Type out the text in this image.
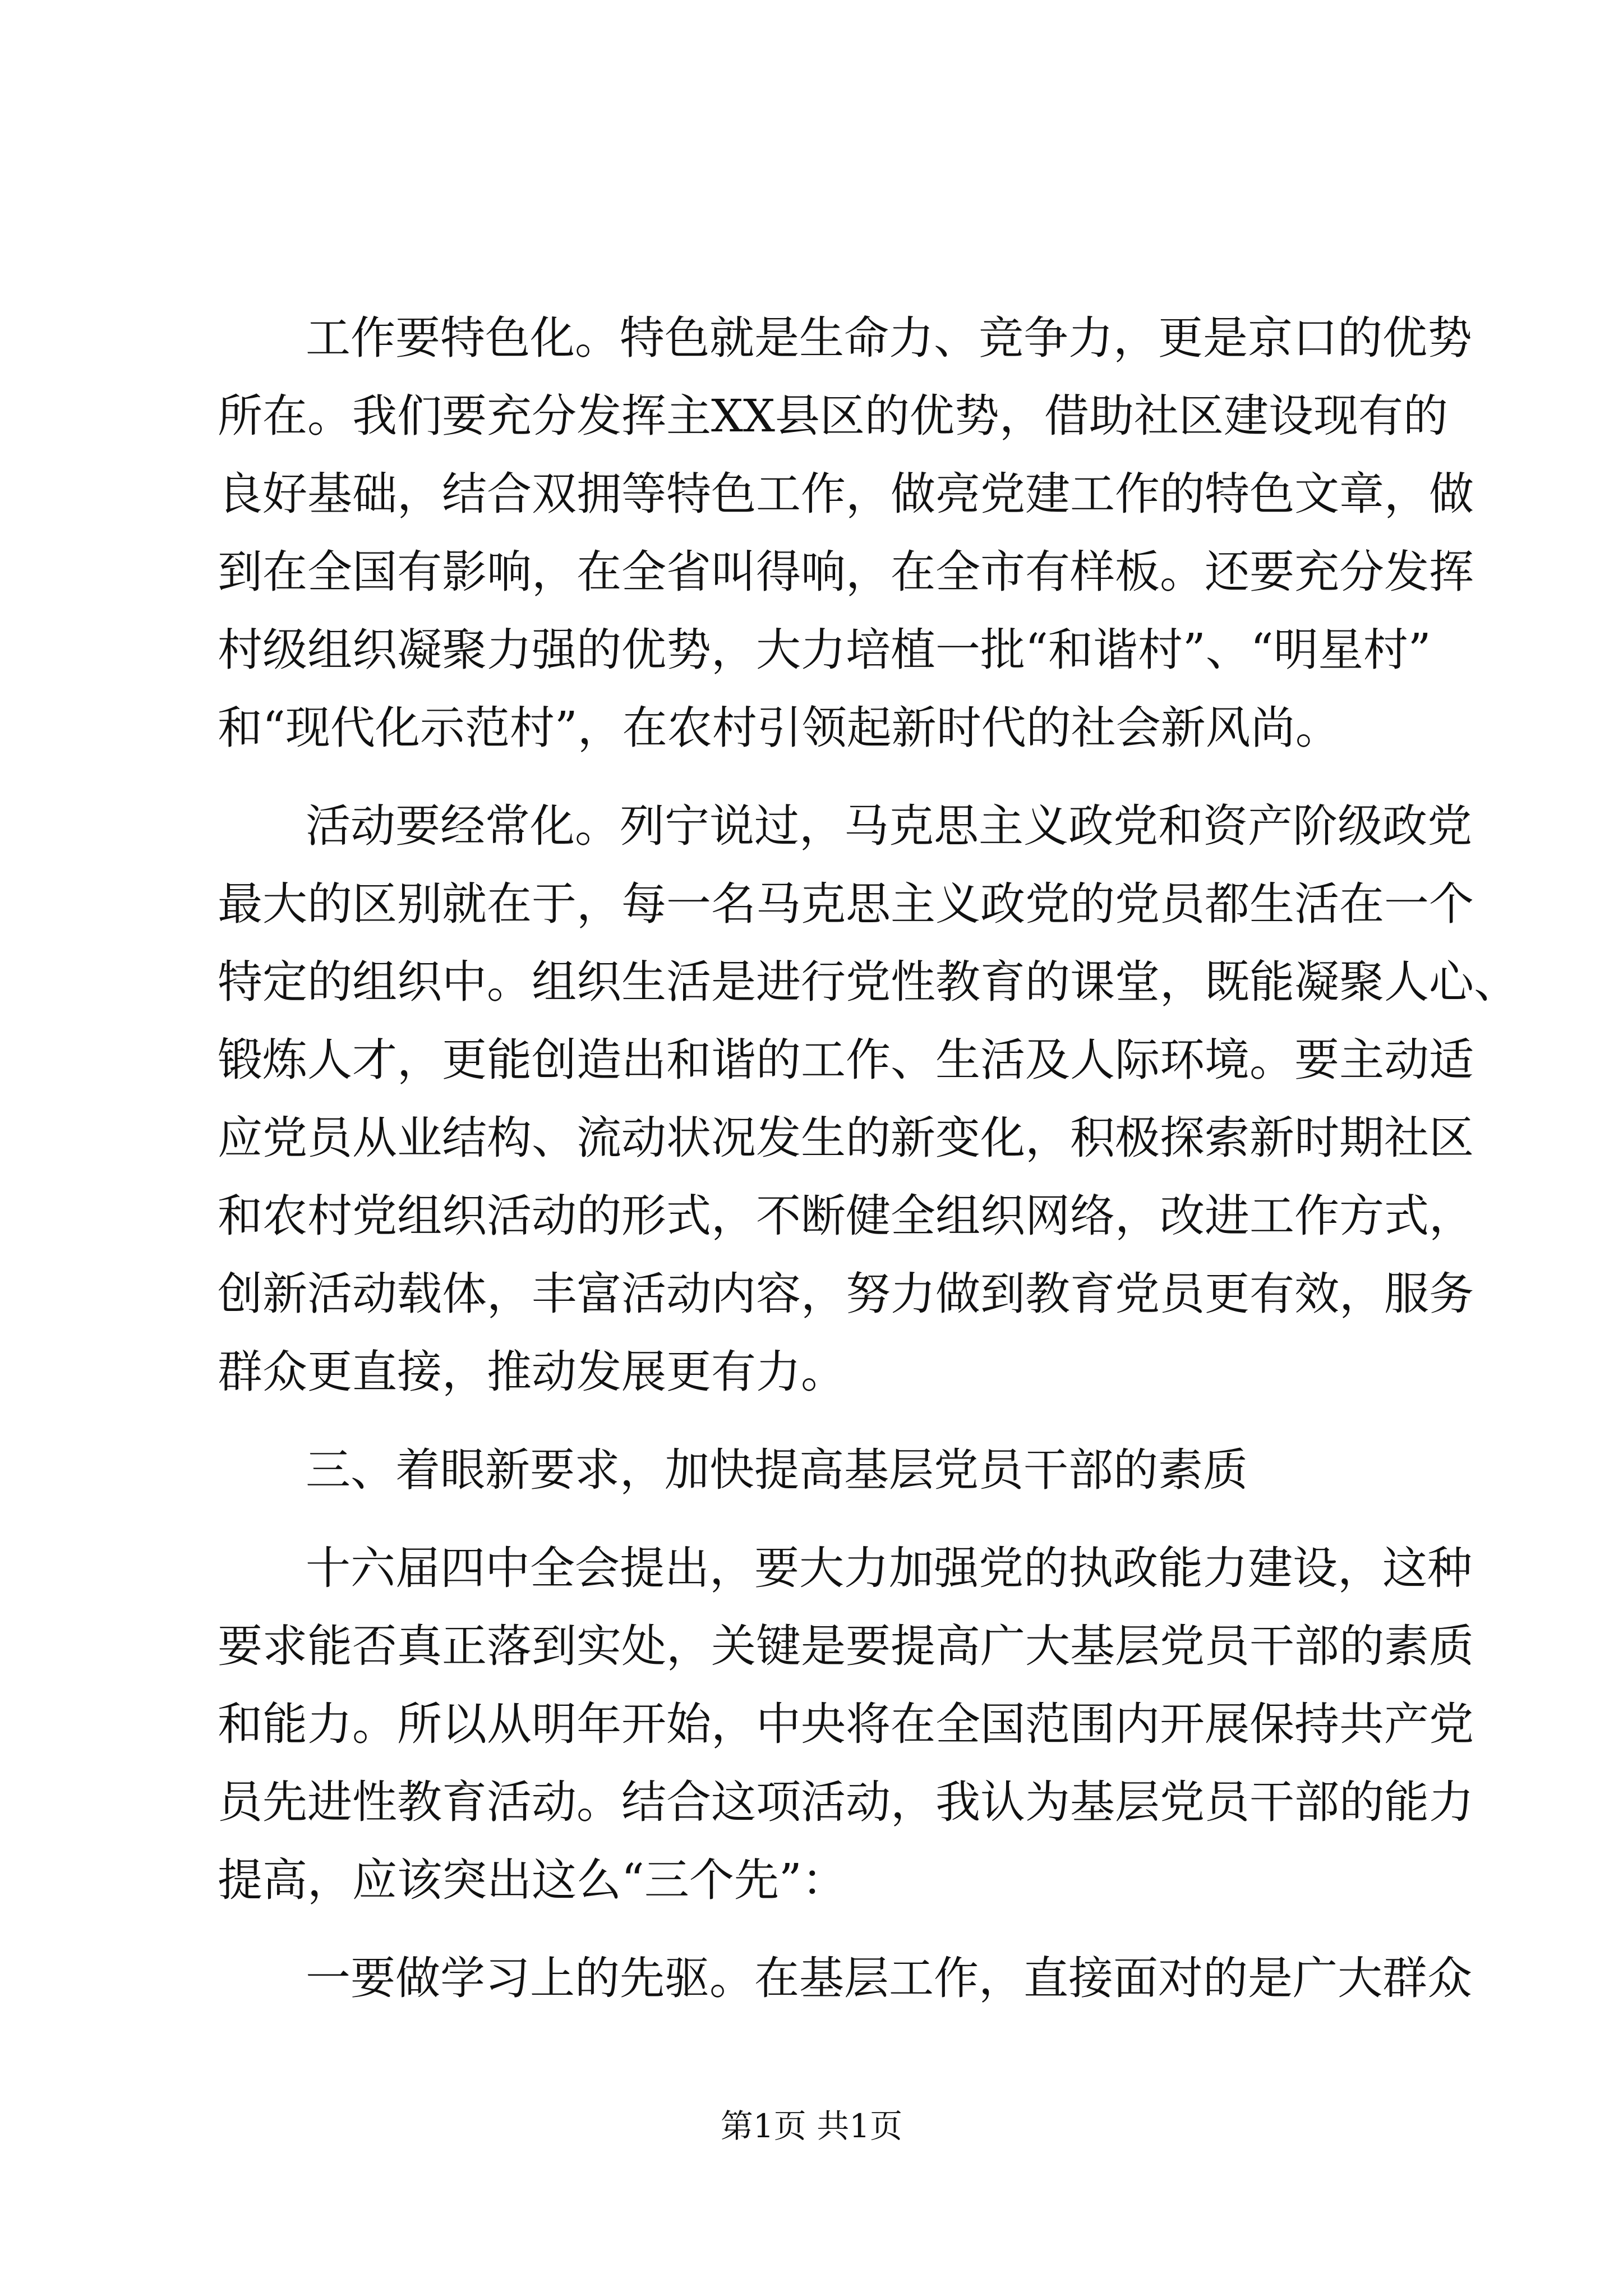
工作要特色化。特色就是生命力、竞争力，更是京口的优势

所在。我们要充分发挥主XX县区的优势，借助社区建设现有的

良好基础，结合双拥等特色工作，做亮党建工作的特色文章，做

到在全国有影响，在全省叫得响，在全市有样板。还要充分发挥

村级组织凝聚力强的优势，大力培植一批“和谐村”、“明星村”

和“现代化示范村”，在农村引领起新时代的社会新风尚。

活动要经常化。列宁说过，马克思主义政党和资产阶级政党

最大的区别就在于，每一名马克思主义政党的党员都生活在一个

特定的组织中。组织生活是进行党性教育的课堂，既能凝聚人心、

锻炼人才，更能创造出和谐的工作、生活及人际环境。要主动适

应党员从业结构、流动状况发生的新变化，积极探索新时期社区

和农村党组织活动的形式，不断健全组织网络，改进工作方式，

创新活动载体，丰富活动内容，努力做到教育党员更有效，服务

群众更直接，推动发展更有力。

三、着眼新要求，加快提高基层党员干部的素质

十六届四中全会提出，要大力加强党的执政能力建设，这种

要求能否真正落到实处，关键是要提高广大基层党员干部的素质

和能力。所以从明年开始，中央将在全国范围内开展保持共产党

员先进性教育活动。结合这项活动，我认为基层党员干部的能力

提高，应该突出这么“三个先”：

一要做学习上的先驱。在基层工作，直接面对的是广大群众

第1页 共1页
